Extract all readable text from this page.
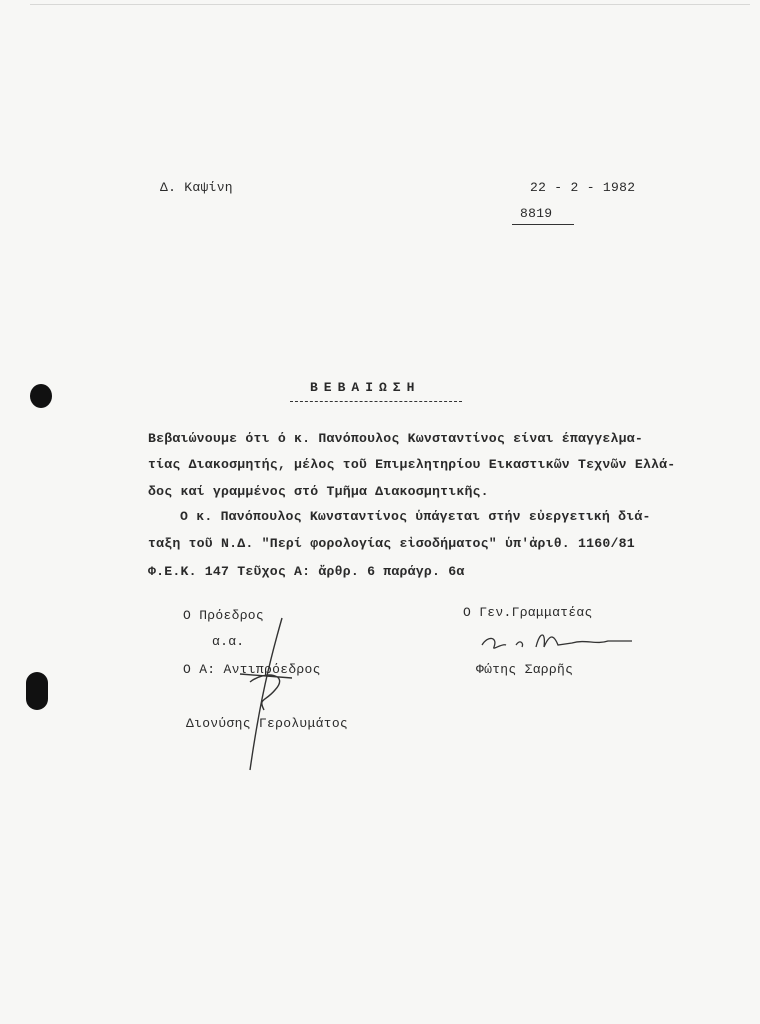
Δ. Καψίνη	22 - 2 - 1982
8819
ΒΕΒΑΙΩΣΗ
Βεβαιώνουμε ότι ό κ. Πανόπουλος Κωνσταντίνος είναι έπαγγελμα-
τίας Διακοσμητής, μέλος τοῦ Επιμελητηρίου Εικαστικῶν Τεχνῶν Ελλά-
δος καί γραμμένος στό Τμῆμα Διακοσμητικῆς.
Ο κ. Πανόπουλος Κωνσταντίνος ὑπάγεται στήν εὐεργετική διά-
ταξη τοῦ Ν.Δ. "Περί φορολογίας εἰσοδήματος" ὑπ'ἀριθ. 1160/81
Φ.Ε.Κ. 147 Τεῦχος Α: ἄρθρ. 6 παράγρ. 6α
Ο Πρόεδρος
α.α.
Ο Α: Αντιπρόεδρος
Διονύσης Γερολυμάτος
Ο Γεν.Γραμματέας
Φώτης Σαρρῆς
